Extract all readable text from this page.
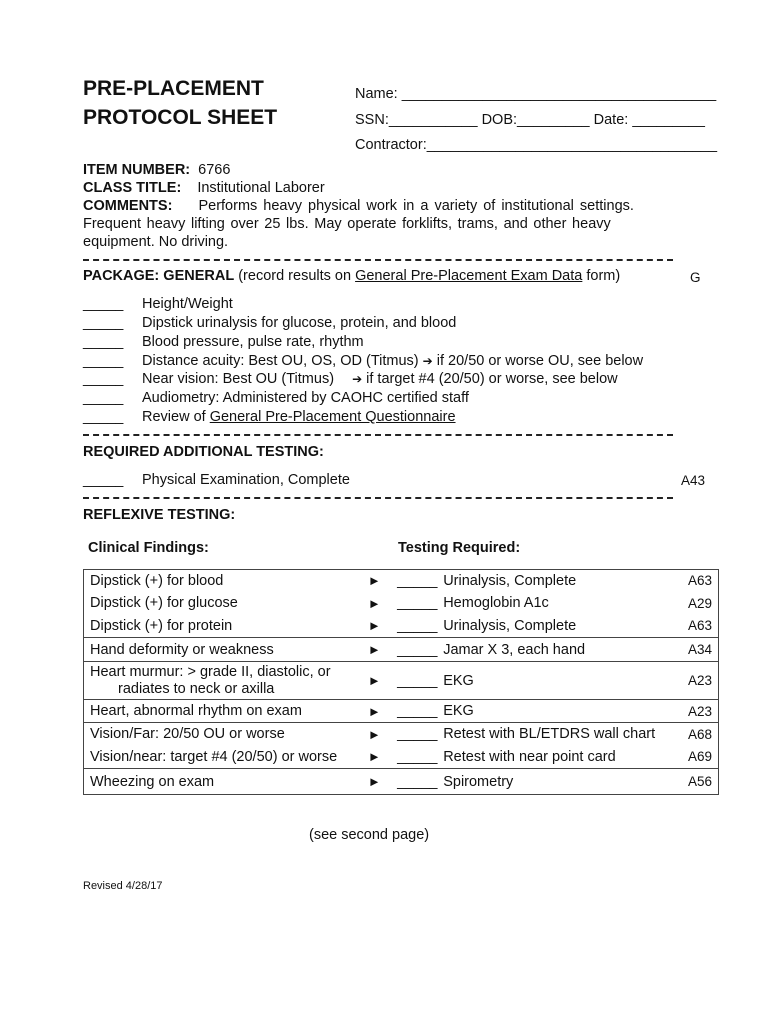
PRE-PLACEMENT
PROTOCOL SHEET
Name: _______________________________________
SSN:___________ DOB:_________ Date: _________
Contractor:____________________________________
ITEM NUMBER: 6766
CLASS TITLE: Institutional Laborer
COMMENTS: Performs heavy physical work in a variety of institutional settings.
Frequent heavy lifting over 25 lbs. May operate forklifts, trams, and other heavy
equipment. No driving.
PACKAGE: GENERAL (record results on General Pre-Placement Exam Data form)	G
_____ Height/Weight
_____ Dipstick urinalysis for glucose, protein, and blood
_____ Blood pressure, pulse rate, rhythm
_____ Distance acuity: Best OU, OS, OD (Titmus) ➔ if 20/50 or worse OU, see below
_____ Near vision: Best OU (Titmus) ➔ if target #4 (20/50) or worse, see below
_____ Audiometry: Administered by CAOHC certified staff
_____ Review of General Pre-Placement Questionnaire
REQUIRED ADDITIONAL TESTING:
_____ Physical Examination, Complete	A43
REFLEXIVE TESTING:
Clinical Findings:	Testing Required:
Dipstick (+) for blood	►	_____ Urinalysis, Complete	A63
Dipstick (+) for glucose	►	_____ Hemoglobin A1c	A29
Dipstick (+) for protein	►	_____ Urinalysis, Complete	A63
Hand deformity or weakness	►	_____ Jamar X 3, each hand	A34
Heart murmur: > grade II, diastolic, or
radiates to neck or axilla	►	_____ EKG	A23
Heart, abnormal rhythm on exam	►	_____ EKG	A23
Vision/Far: 20/50 OU or worse	►	_____ Retest with BL/ETDRS wall chart	A68
Vision/near: target #4 (20/50) or worse	►	_____ Retest with near point card	A69
Wheezing on exam	►	_____ Spirometry	A56
(see second page)
Revised 4/28/17
